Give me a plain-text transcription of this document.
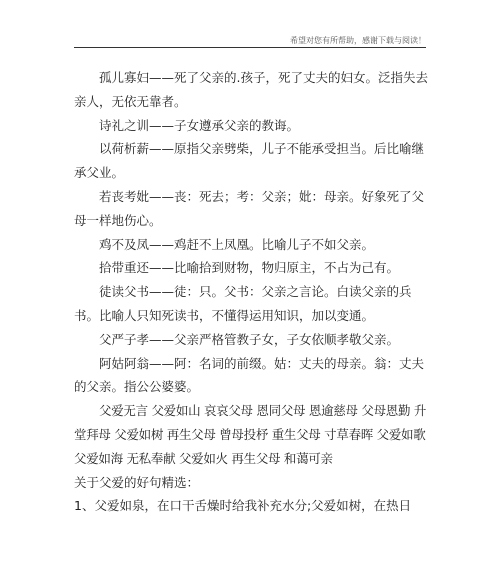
希望对您有所帮助，感谢下载与阅读！

孤儿寡妇——死了父亲的.孩子，死了丈夫的妇女。泛指失去亲人，无依无靠者。

诗礼之训——子女遵承父亲的教诲。

以荷析薪——原指父亲劈柴，儿子不能承受担当。后比喻继承父业。

若丧考妣——丧：死去；考：父亲；妣：母亲。好象死了父母一样地伤心。

鸡不及凤——鸡赶不上凤凰。比喻儿子不如父亲。

拾带重还——比喻拾到财物，物归原主，不占为己有。

徒读父书——徒：只。父书：父亲之言论。白读父亲的兵书。比喻人只知死读书，不懂得运用知识，加以变通。

父严子孝——父亲严格管教子女，子女依顺孝敬父亲。

阿姑阿翁——阿：名词的前缀。姑：丈夫的母亲。翁：丈夫的父亲。指公公婆婆。

父爱无言 父爱如山 哀哀父母 恩同父母 恩逾慈母 父母恩勤 升堂拜母 父爱如树 再生父母 曾母投杼 重生父母 寸草春晖 父爱如歌 父爱如海 无私奉献 父爱如火 再生父母 和蔼可亲

关于父爱的好句精选：

1、父爱如泉，在口干舌燥时给我补充水分;父爱如树，在热日
